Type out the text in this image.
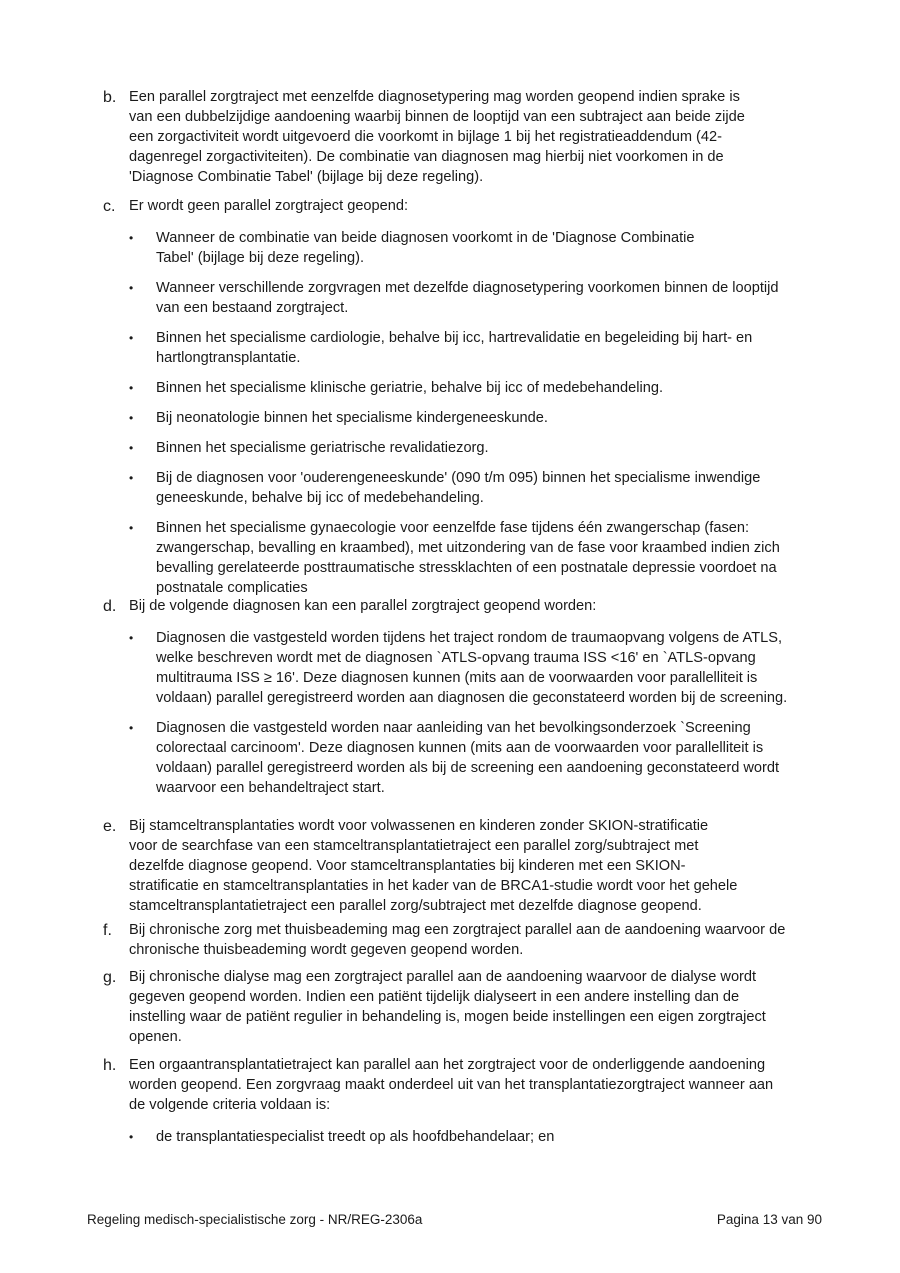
b. Een parallel zorgtraject met eenzelfde diagnosetypering mag worden geopend indien sprake is
van een dubbelzijdige aandoening waarbij binnen de looptijd van een subtraject aan beide zijde
een zorgactiviteit wordt uitgevoerd die voorkomt in bijlage 1 bij het registratieaddendum (42-
dagenregel zorgactiviteiten). De combinatie van diagnosen mag hierbij niet voorkomen in de
'Diagnose Combinatie Tabel' (bijlage bij deze regeling).
c. Er wordt geen parallel zorgtraject geopend:
•	Wanneer de combinatie van beide diagnosen voorkomt in de 'Diagnose Combinatie
Tabel' (bijlage bij deze regeling).
•	Wanneer verschillende zorgvragen met dezelfde diagnosetypering voorkomen binnen de looptijd
van een bestaand zorgtraject.
•	Binnen het specialisme cardiologie, behalve bij icc, hartrevalidatie en begeleiding bij hart- en
hartlongtransplantatie.
•	Binnen het specialisme klinische geriatrie, behalve bij icc of medebehandeling.
•	Bij neonatologie binnen het specialisme kindergeneeskunde.
•	Binnen het specialisme geriatrische revalidatiezorg.
•	Bij de diagnosen voor 'ouderengeneeskunde' (090 t/m 095) binnen het specialisme inwendige
geneeskunde, behalve bij icc of medebehandeling.
•	Binnen het specialisme gynaecologie voor eenzelfde fase tijdens één zwangerschap (fasen:
zwangerschap, bevalling en kraambed), met uitzondering van de fase voor kraambed indien zich
bevalling gerelateerde posttraumatische stressklachten of een postnatale depressie voordoet na
postnatale complicaties
d. Bij de volgende diagnosen kan een parallel zorgtraject geopend worden:
•	Diagnosen die vastgesteld worden tijdens het traject rondom de traumaopvang volgens de ATLS,
welke beschreven wordt met de diagnosen `ATLS-opvang trauma ISS <16' en `ATLS-opvang
multitrauma ISS ≥ 16'. Deze diagnosen kunnen (mits aan de voorwaarden voor parallelliteit is
voldaan) parallel geregistreerd worden aan diagnosen die geconstateerd worden bij de screening.
•	Diagnosen die vastgesteld worden naar aanleiding van het bevolkingsonderzoek `Screening
colorectaal carcinoom'. Deze diagnosen kunnen (mits aan de voorwaarden voor parallelliteit is
voldaan) parallel geregistreerd worden als bij de screening een aandoening geconstateerd wordt
waarvoor een behandeltraject start.
e. Bij stamceltransplantaties wordt voor volwassenen en kinderen zonder SKION-stratificatie
voor de searchfase van een stamceltransplantatietraject een parallel zorg/subtraject met
dezelfde diagnose geopend. Voor stamceltransplantaties bij kinderen met een SKION-
stratificatie en stamceltransplantaties in het kader van de BRCA1-studie wordt voor het gehele
stamceltransplantatietraject een parallel zorg/subtraject met dezelfde diagnose geopend.
f.	Bij chronische zorg met thuisbeademing mag een zorgtraject parallel aan de aandoening waarvoor de
chronische thuisbeademing wordt gegeven geopend worden.
g. Bij chronische dialyse mag een zorgtraject parallel aan de aandoening waarvoor de dialyse wordt
gegeven geopend worden. Indien een patiënt tijdelijk dialyseert in een andere instelling dan de
instelling waar de patiënt regulier in behandeling is, mogen beide instellingen een eigen zorgtraject
openen.
h. Een orgaantransplantatietraject kan parallel aan het zorgtraject voor de onderliggende aandoening
worden geopend. Een zorgvraag maakt onderdeel uit van het transplantatiezorgtraject wanneer aan
de volgende criteria voldaan is:
•	de transplantatiespecialist treedt op als hoofdbehandelaar; en
Regeling medisch-specialistische zorg - NR/REG-2306a	Pagina 13 van 90
